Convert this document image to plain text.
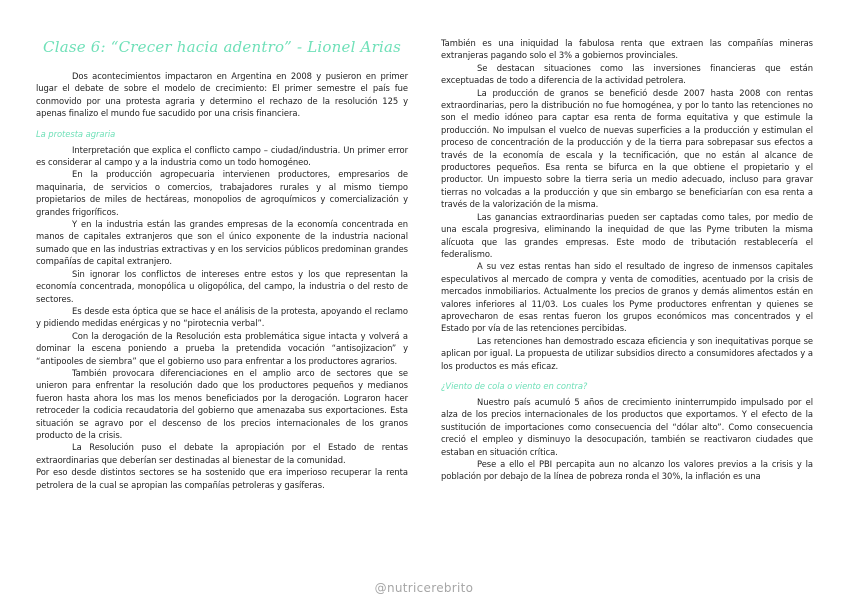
Clase 6: “Crecer hacia adentro” - Lionel Arias

Dos acontecimientos impactaron en Argentina en 2008 y pusieron en primer lugar el debate de sobre el modelo de crecimiento: El primer semestre el país fue conmovido por una protesta agraria y determino el rechazo de la resolución 125 y apenas finalizo el mundo fue sacudido por una crisis financiera.

La protesta agraria

Interpretación que explica el conflicto campo – ciudad/industria. Un primer error es considerar al campo y a la industria como un todo homogéneo.

En la producción agropecuaria intervienen productores, empresarios de maquinaria, de servicios o comercios, trabajadores rurales y al mismo tiempo propietarios de miles de hectáreas, monopolios de agroquímicos y comercialización y grandes frigoríficos.

Y en la industria están las grandes empresas de la economía concentrada en manos de capitales extranjeros que son el único exponente de la industria nacional sumado que en las industrias extractivas y en los servicios públicos predominan grandes compañías de capital extranjero.

Sin ignorar los conflictos de intereses entre estos y los que representan la economía concentrada, monopólica u oligopólica, del campo, la industria o del resto de sectores.

Es desde esta óptica que se hace el análisis de la protesta, apoyando el reclamo y pidiendo medidas enérgicas y no “pirotecnia verbal”.

Con la derogación de la Resolución esta problemática sigue intacta y volverá a dominar la escena poniendo a prueba la pretendida vocación “antisojizacion” y “antipooles de siembra” que el gobierno uso para enfrentar a los productores agrarios.

También provocara diferenciaciones en el amplio arco de sectores que se unieron para enfrentar la resolución dado que los productores pequeños y medianos fueron hasta ahora los mas los menos beneficiados por la derogación. Lograron hacer retroceder la codicia recaudatoria del gobierno que amenazaba sus exportaciones. Esta situación se agravo por el descenso de los precios internacionales de los granos producto de la crisis.

La Resolución puso el debate la apropiación por el Estado de rentas extraordinarias que deberían ser destinadas al bienestar de la comunidad.

Por eso desde distintos sectores se ha sostenido que era imperioso recuperar la renta petrolera de la cual se apropian las compañías petroleras y gasíferas.

También es una iniquidad la fabulosa renta que extraen las compañías mineras extranjeras pagando solo el 3% a gobiernos provinciales.

Se destacan situaciones como las inversiones financieras que están exceptuadas de todo a diferencia de la actividad petrolera.

La producción de granos se benefició desde 2007 hasta 2008 con rentas extraordinarias, pero la distribución no fue homogénea, y por lo tanto las retenciones no son el medio idóneo para captar esa renta de forma equitativa y que estimule la producción. No impulsan el vuelco de nuevas superficies a la producción y estimulan el proceso de concentración de la producción y de la tierra para sobrepasar sus efectos a través de la economía de escala y la tecnificación, que no están al alcance de productores pequeños. Esa renta se bifurca en la que obtiene el propietario y el productor. Un impuesto sobre la tierra seria un medio adecuado, incluso para gravar tierras no volcadas a la producción y que sin embargo se beneficiarían con esa renta a través de la valorización de la misma.

Las ganancias extraordinarias pueden ser captadas como tales, por medio de una escala progresiva, eliminando la inequidad de que las Pyme tributen la misma alícuota que las grandes empresas. Este modo de tributación restablecería el federalismo.

A su vez estas rentas han sido el resultado de ingreso de inmensos capitales especulativos al mercado de compra y venta de comodities, acentuado por la crisis de mercados inmobiliarios. Actualmente los precios de granos y demás alimentos están en valores inferiores al 11/03. Los cuales los Pyme productores enfrentan y quienes se aprovecharon de esas rentas fueron los grupos económicos mas concentrados y el Estado por vía de las retenciones percibidas.

Las retenciones han demostrado escaza eficiencia y son inequitativas porque se aplican por igual. La propuesta de utilizar subsidios directo a consumidores afectados y a los productos es más eficaz.

¿Viento de cola o viento en contra?

Nuestro país acumuló 5 años de crecimiento ininterrumpido impulsado por el alza de los precios internacionales de los productos que exportamos. Y el efecto de la sustitución de importaciones como consecuencia del “dólar alto”. Como consecuencia creció el empleo y disminuyo la desocupación, también se reactivaron ciudades que estaban en situación crítica.

Pese a ello el PBI percapita aun no alcanzo los valores previos a la crisis y la población por debajo de la línea de pobreza ronda el 30%, la inflación es una

@nutricerebrito
